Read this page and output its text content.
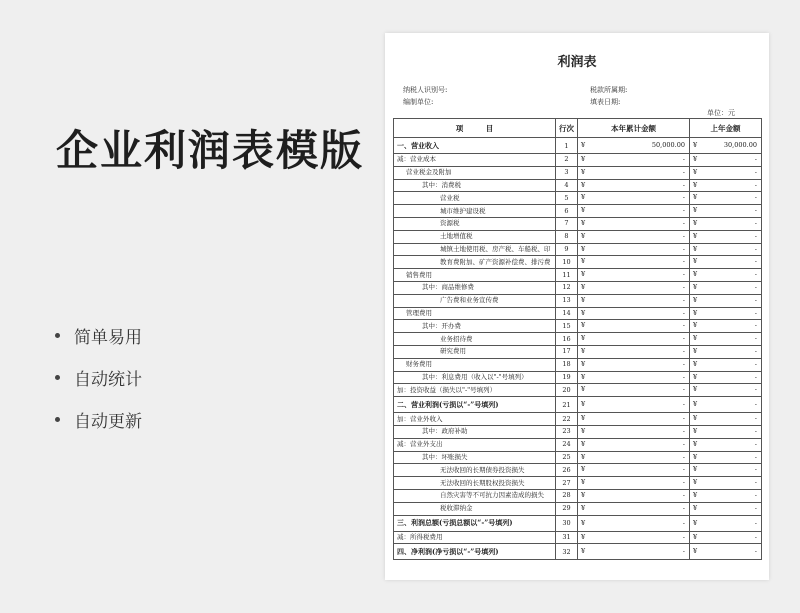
企业利润表模版
简单易用
自动统计
自动更新
利润表
纳税人识别号:	税款所属期:
编制单位:	填表日期:
单位：元
项　　　目	行次	本年累计金额	上年金额
一、营业收入	1	¥ 50,000.00	¥ 30,000.00

减：营业成本	2	¥ -	¥ -

营业税金及附加	3	¥ -	¥ -

其中：消费税	4	¥ -	¥ -

营业税	5	¥ -	¥ -

城市维护建设税	6	¥ -	¥ -

资源税	7	¥ -	¥ -

土地增值税	8	¥ -	¥ -

城镇土地使用税、房产税、车船税、印	9	¥ -	¥ -

教育费附加、矿产资源补偿费、排污费	10	¥ -	¥ -

销售费用	11	¥ -	¥ -

其中：商品维修费	12	¥ -	¥ -

广告费和业务宣传费	13	¥ -	¥ -

管理费用	14	¥ -	¥ -

其中：开办费	15	¥ -	¥ -

业务招待费	16	¥ -	¥ -

研究费用	17	¥ -	¥ -

财务费用	18	¥ -	¥ -

其中：利息费用（收入以"-"号填列）	19	¥ -	¥ -

加：投资收益（损失以"-"号填列）	20	¥ -	¥ -

二、营业利润(亏损以“-”号填列)	21	¥ -	¥ -

加：营业外收入	22	¥ -	¥ -

其中：政府补助	23	¥ -	¥ -

减：营业外支出	24	¥ -	¥ -

其中：坏账损失	25	¥ -	¥ -

无法收回的长期债券投资损失	26	¥ -	¥ -

无法收回的长期股权投资损失	27	¥ -	¥ -

自然灾害等不可抗力因素造成的损失	28	¥ -	¥ -

税收滞纳金	29	¥ -	¥ -

三、利润总额(亏损总额以“-”号填列)	30	¥ -	¥ -

减：所得税费用	31	¥ -	¥ -

四、净利润(净亏损以“-”号填列)	32	¥ -	¥ -
